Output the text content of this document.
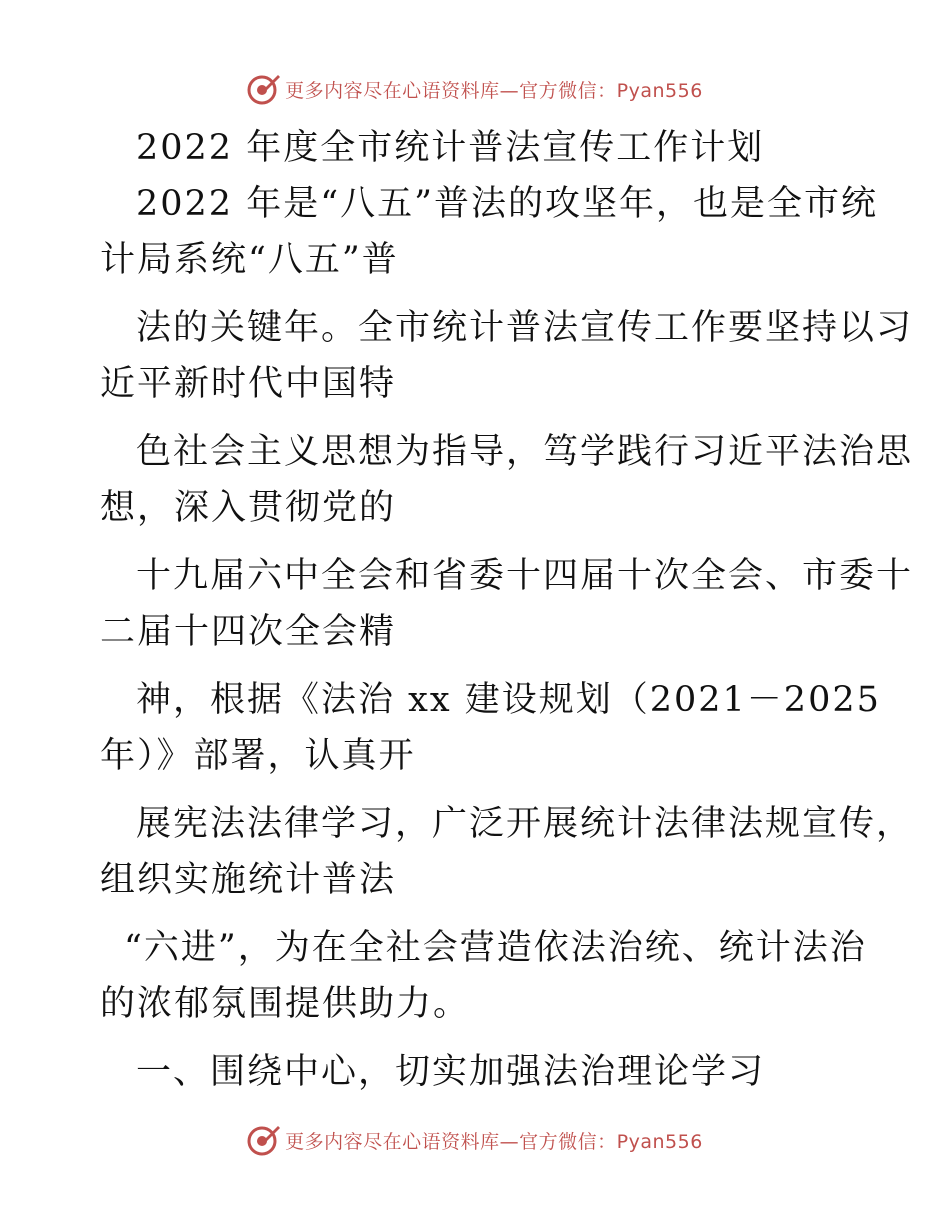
更多内容尽在心语资料库—官方微信：Pyan556
2022 年度全市统计普法宣传工作计划
2022 年是“八五”普法的攻坚年，也是全市统
计局系统“八五”普
法的关键年。全市统计普法宣传工作要坚持以习
近平新时代中国特
色社会主义思想为指导，笃学践行习近平法治思
想，深入贯彻党的
十九届六中全会和省委十四届十次全会、市委十
二届十四次全会精
神，根据《法治 xx 建设规划（2021－2025
年）》部署，认真开
展宪法法律学习，广泛开展统计法律法规宣传，
组织实施统计普法
“六进”，为在全社会营造依法治统、统计法治
的浓郁氛围提供助力。
一、围绕中心，切实加强法治理论学习
更多内容尽在心语资料库—官方微信：Pyan556
